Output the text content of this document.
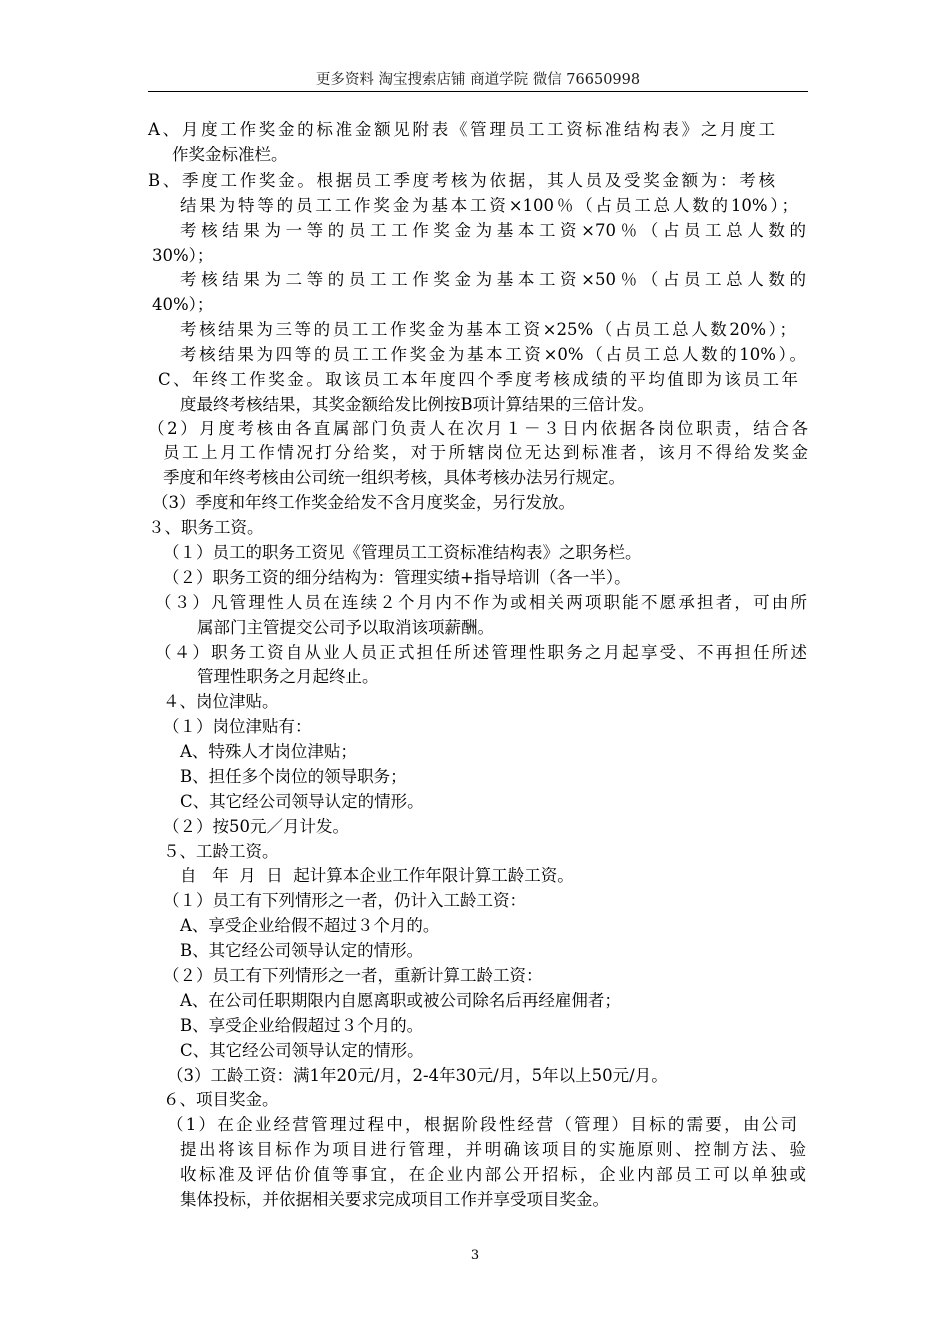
更多资料 淘宝搜索店铺 商道学院 微信 76650998
A、月度工作奖金的标准金额见附表《管理员工工资标准结构表》之月度工
作奖金标准栏。
B、季度工作奖金。根据员工季度考核为依据，其人员及受奖金额为：考核
结果为特等的员工工作奖金为基本工资×100％（占员工总人数的10%）；
考核结果为一等的员工工作奖金为基本工资×70％（占员工总人数的
30%）；
考核结果为二等的员工工作奖金为基本工资×50％（占员工总人数的
40%）；
考核结果为三等的员工工作奖金为基本工资×25%（占员工总人数20%）；
考核结果为四等的员工工作奖金为基本工资×0%（占员工总人数的10%）。
C、年终工作奖金。取该员工本年度四个季度考核成绩的平均值即为该员工年
度最终考核结果，其奖金额给发比例按B项计算结果的三倍计发。
（2）月度考核由各直属部门负责人在次月１－３日内依据各岗位职责，结合各
员工上月工作情况打分给奖，对于所辖岗位无达到标准者，该月不得给发奖金
季度和年终考核由公司统一组织考核，具体考核办法另行规定。
（3）季度和年终工作奖金给发不含月度奖金，另行发放。
３、职务工资。
（１）员工的职务工资见《管理员工工资标准结构表》之职务栏。
（２）职务工资的细分结构为：管理实绩+指导培训（各一半）。
（３）凡管理性人员在连续２个月内不作为或相关两项职能不愿承担者，可由所
属部门主管提交公司予以取消该项薪酬。
（４）职务工资自从业人员正式担任所述管理性职务之月起享受、不再担任所述
管理性职务之月起终止。
４、岗位津贴。
（１）岗位津贴有：
A、特殊人才岗位津贴；
B、担任多个岗位的领导职务；
C、其它经公司领导认定的情形。
（２）按50元／月计发。
５、工龄工资。
自   年  月  日  起计算本企业工作年限计算工龄工资。
（１）员工有下列情形之一者，仍计入工龄工资：
A、享受企业给假不超过３个月的。
B、其它经公司领导认定的情形。
（２）员工有下列情形之一者，重新计算工龄工资：
A、在公司任职期限内自愿离职或被公司除名后再经雇佣者；
B、享受企业给假超过３个月的。
C、其它经公司领导认定的情形。
（3）工龄工资：满1年20元/月，2-4年30元/月，5年以上50元/月。
６、项目奖金。
（1）在企业经营管理过程中，根据阶段性经营（管理）目标的需要，由公司
提出将该目标作为项目进行管理，并明确该项目的实施原则、控制方法、验
收标准及评估价值等事宜，在企业内部公开招标，企业内部员工可以单独或
集体投标，并依据相关要求完成项目工作并享受项目奖金。
3
